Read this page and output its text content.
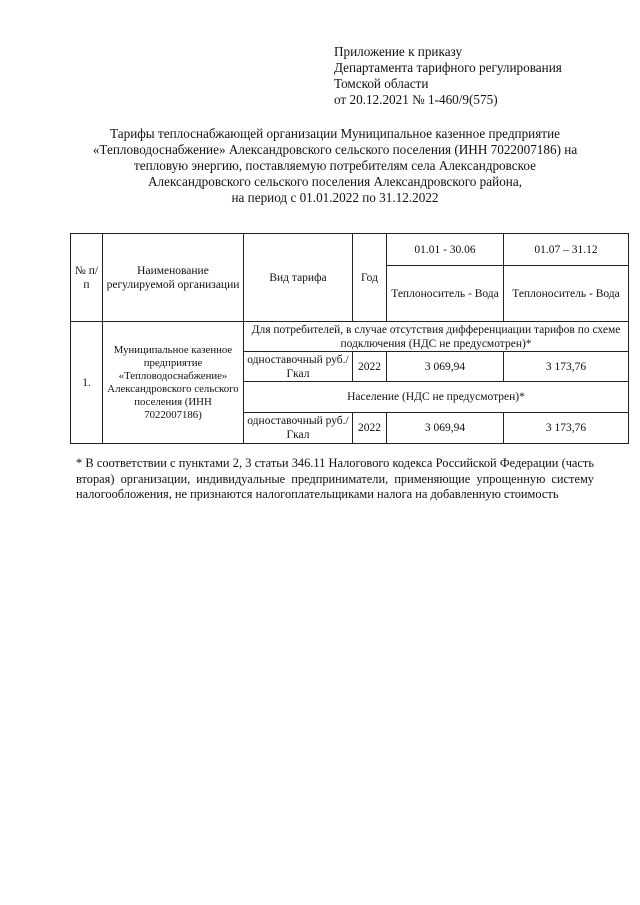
Приложение к приказу
Департамента тарифного регулирования
Томской области
от 20.12.2021 № 1-460/9(575)
Тарифы теплоснабжающей организации Муниципальное казенное предприятие
«Тепловодоснабжение» Александровского сельского поселения (ИНН 7022007186) на
тепловую энергию, поставляемую потребителям села Александровское
Александровского сельского поселения Александровского района,
на период с 01.01.2022 по 31.12.2022
№ п/п	Наименование регулируемой организации	Вид тарифа	Год	01.01 - 30.06	01.07 – 31.12
				Теплоноситель - Вода	Теплоноситель - Вода
1.	Муниципальное казенное предприятие «Тепловодоснабжение» Александровского сельского поселения (ИНН 7022007186)	Для потребителей, в случае отсутствия дифференциации тарифов по схеме подключения (НДС не предусмотрен)*			
		одноставочный руб./Гкал	2022	3 069,94	3 173,76
		Население (НДС не предусмотрен)*			
		одноставочный руб./Гкал	2022	3 069,94	3 173,76
* В соответствии с пунктами 2, 3 статьи 346.11 Налогового кодекса Российской Федерации (часть вторая) организации, индивидуальные предприниматели, применяющие упрощенную систему налогообложения, не признаются налогоплательщиками налога на добавленную стоимость
